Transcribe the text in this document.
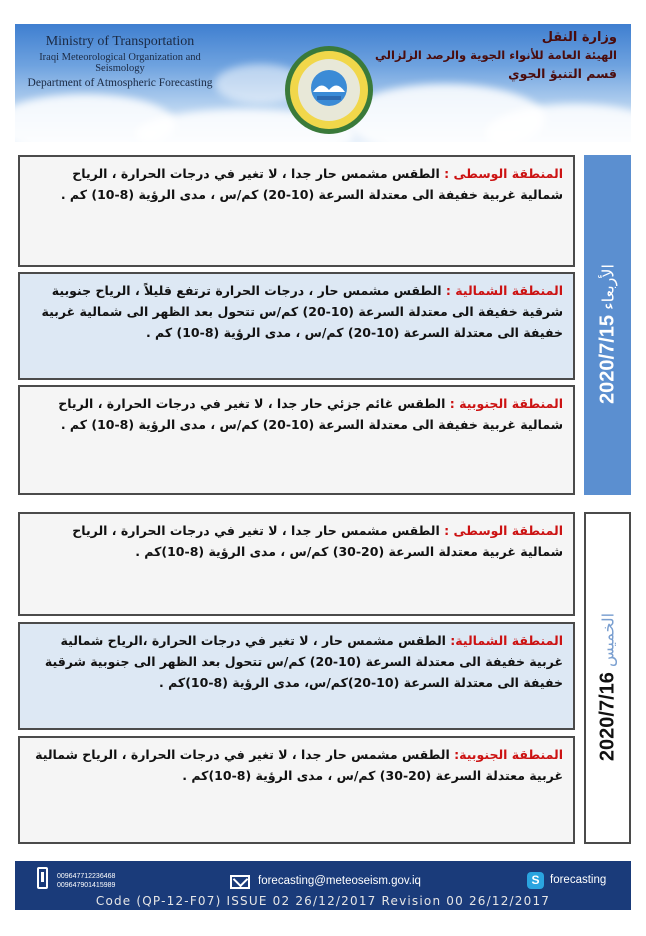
Ministry of Transportation
Iraqi Meteorological Organization and Seismology
Department of Atmospheric Forecasting
وزارة النقل
الهيئة العامة للأنواء الجوية والرصد الزلزالي
قسم التنبؤ الجوي
المنطقة الوسطى : الطقس مشمس حار جدا ، لا تغير في درجات الحرارة ، الرياح شمالية غربية خفيفة الى معتدلة السرعة (10-20) كم/س ، مدى الرؤية (8-10) كم .
المنطقة الشمالية : الطقس مشمس حار ، درجات الحرارة ترتفع قليلاً ، الرياح جنوبية شرقية خفيفة الى معتدلة السرعة (10-20) كم/س تتحول بعد الظهر الى شمالية غربية خفيفة الى معتدلة السرعة (10-20) كم/س ، مدى الرؤية (8-10) كم .
المنطقة الجنوبية : الطقس غائم جزئي حار جدا ، لا تغير في درجات الحرارة ، الرياح شمالية غربية خفيفة الى معتدلة السرعة (10-20) كم/س ، مدى الرؤية (8-10) كم .
2020/7/15 الأربعاء
المنطقة الوسطى : الطقس مشمس حار جدا ، لا تغير في درجات الحرارة ، الرياح شمالية غربية معتدلة السرعة (20-30) كم/س ، مدى الرؤية (8-10)كم .
المنطقة الشمالية: الطقس مشمس حار ، لا تغير في درجات الحرارة ،الرياح شمالية غربية خفيفة الى معتدلة السرعة (10-20) كم/س تتحول بعد الظهر الى جنوبية شرقية خفيفة الى معتدلة السرعة (10-20)كم/س، مدى الرؤية (8-10)كم .
المنطقة الجنوبية: الطقس مشمس حار جدا ، لا تغير في درجات الحرارة ، الرياح شمالية غربية معتدلة السرعة (20-30) كم/س ، مدى الرؤية (8-10)كم .
2020/7/16 الخميس
009647712236468
009647901415989	forecasting@meteoseism.gov.iq	S forecasting
Code (QP-12-F07) ISSUE 02 26/12/2017 Revision 00 26/12/2017
